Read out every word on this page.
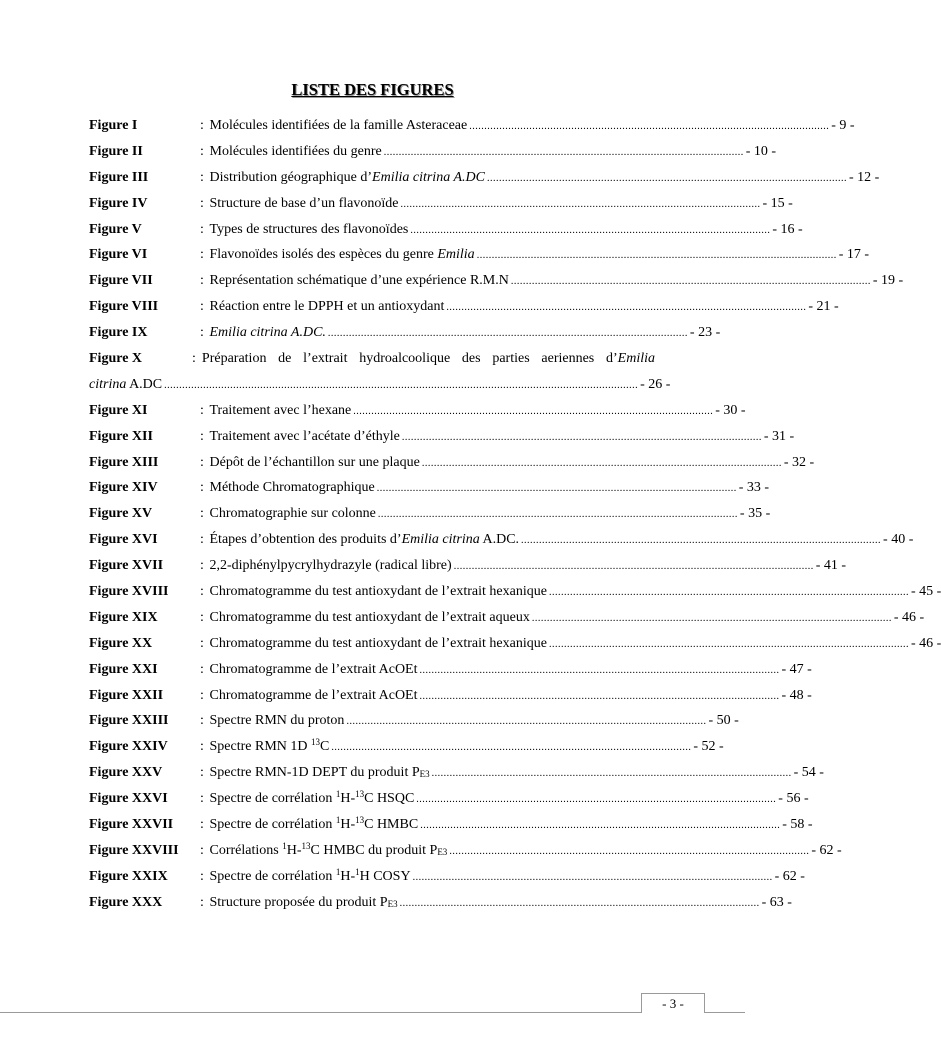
LISTE DES FIGURES
Figure I	: Molécules identifiées de la famille Asteraceae ........................................................................................................................ - 9 -
Figure II	: Molécules identifiées du genre ........................................................................................................................ - 10 -
Figure III	: Distribution géographique d’Emilia citrina A.DC ........................................................................................................................ - 12 -
Figure IV	: Structure de base d’un flavonoïde ........................................................................................................................ - 15 -
Figure V	: Types de structures des flavonoïdes ........................................................................................................................ - 16 -
Figure VI	: Flavonoïdes isolés des espèces du genre Emilia ........................................................................................................................ - 17 -
Figure VII	: Représentation schématique d’une expérience R.M.N ........................................................................................................................ - 19 -
Figure VIII	: Réaction entre le DPPH et un antioxydant ........................................................................................................................ - 21 -
Figure IX	: Emilia citrina A.DC. ........................................................................................................................ - 23 -
Figure X	: Préparation de l’extrait hydroalcoolique des parties aeriennes d’Emilia
citrina A.DC .............................................................................................................................................................. - 26 -
Figure XI	: Traitement avec l’hexane ........................................................................................................................ - 30 -
Figure XII	: Traitement avec l’acétate d’éthyle ........................................................................................................................ - 31 -
Figure XIII	: Dépôt de l’échantillon sur une plaque ........................................................................................................................ - 32 -
Figure XIV	: Méthode Chromatographique ........................................................................................................................ - 33 -
Figure XV	: Chromatographie sur colonne ........................................................................................................................ - 35 -
Figure XVI	: Étapes d’obtention des produits d’Emilia citrina A.DC. ........................................................................................................................ - 40 -
Figure XVII	: 2,2-diphénylpycrylhydrazyle (radical libre) ........................................................................................................................ - 41 -
Figure XVIII	: Chromatogramme du test antioxydant de l’extrait hexanique ........................................................................................................................ - 45 -
Figure XIX	: Chromatogramme du test antioxydant de l’extrait aqueux ........................................................................................................................ - 46 -
Figure XX	: Chromatogramme du test antioxydant de l’extrait hexanique ........................................................................................................................ - 46 -
Figure XXI	: Chromatogramme de l’extrait AcOEt ........................................................................................................................ - 47 -
Figure XXII	: Chromatogramme de l’extrait AcOEt ........................................................................................................................ - 48 -
Figure XXIII	: Spectre RMN du proton ........................................................................................................................ - 50 -
Figure XXIV	: Spectre RMN 1D $^{13}$C ........................................................................................................................ - 52 -
Figure XXV	: Spectre RMN-1D DEPT du produit $P_{E3}$ ........................................................................................................................ - 54 -
Figure XXVI	: Spectre de corrélation $^1$H-$^{13}$C HSQC ........................................................................................................................ - 56 -
Figure XXVII	: Spectre de corrélation $^1$H-$^{13}$C HMBC ........................................................................................................................ - 58 -
Figure XXVIII	: Corrélations $^1$H-$^{13}$C HMBC du produit $P_{E3}$ ........................................................................................................................ - 62 -
Figure XXIX	: Spectre de corrélation $^1$H-$^1$H COSY ........................................................................................................................ - 62 -
Figure XXX	: Structure proposée du produit $P_{E3}$ ........................................................................................................................ - 63 -
- 3 -
